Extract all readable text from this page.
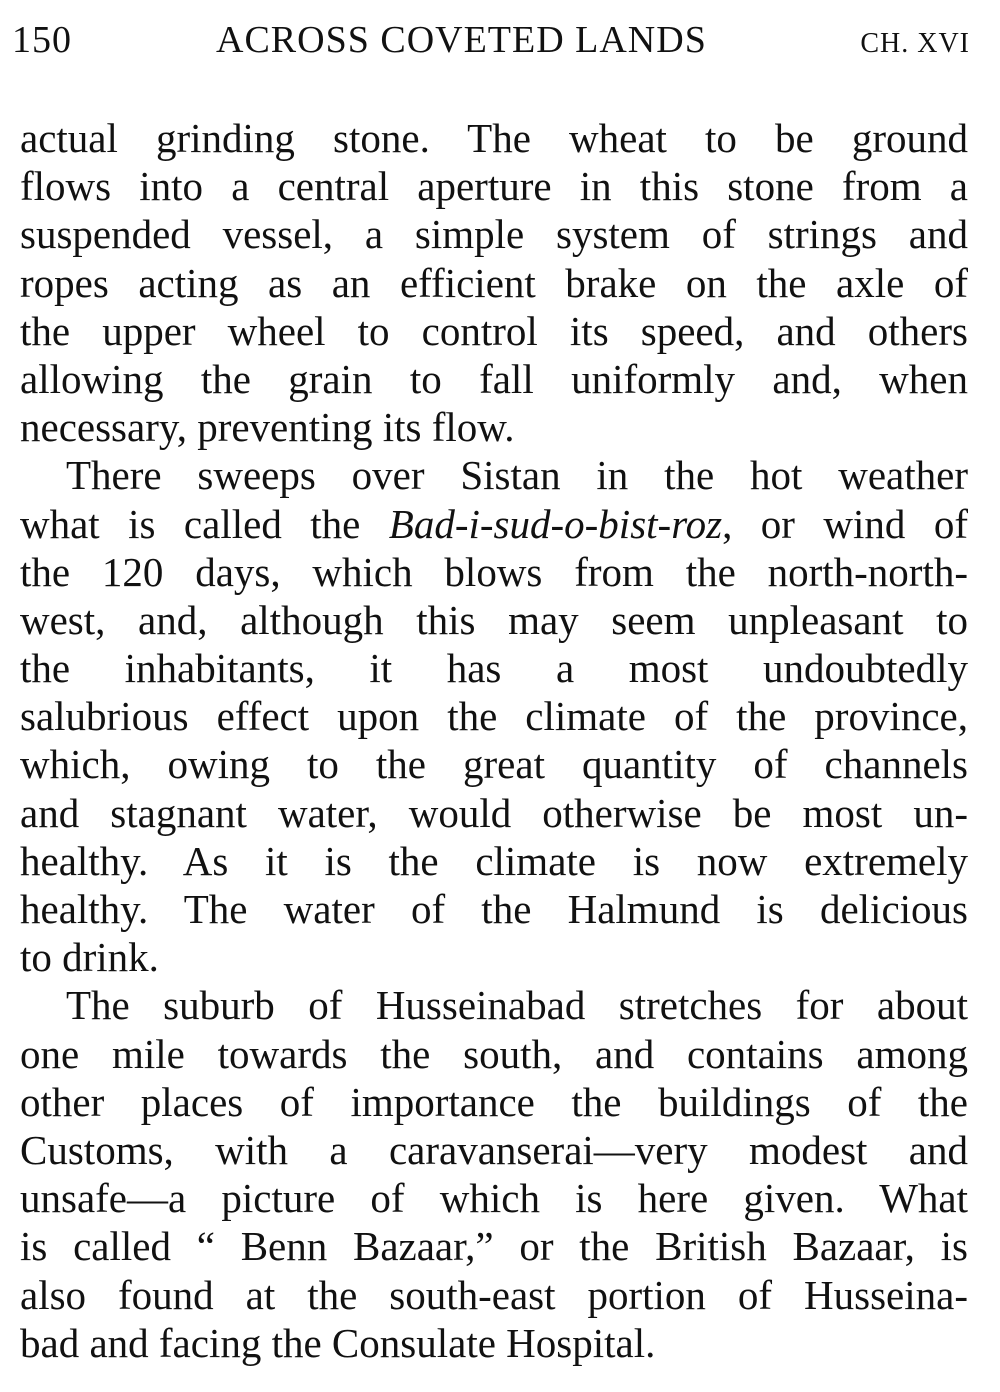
150	ACROSS COVETED LANDS	CH. XVI
actual grinding stone. The wheat to be ground
flows into a central aperture in this stone from a
suspended vessel, a simple system of strings and
ropes acting as an efficient brake on the axle of
the upper wheel to control its speed, and others
allowing the grain to fall uniformly and, when
necessary, preventing its flow.
There sweeps over Sistan in the hot weather
what is called the Bad-i-sud-o-bist-roz, or wind of
the 120 days, which blows from the north-north-
west, and, although this may seem unpleasant to
the inhabitants, it has a most undoubtedly
salubrious effect upon the climate of the province,
which, owing to the great quantity of channels
and stagnant water, would otherwise be most un-
healthy. As it is the climate is now extremely
healthy. The water of the Halmund is delicious
to drink.
The suburb of Husseinabad stretches for about
one mile towards the south, and contains among
other places of importance the buildings of the
Customs, with a caravanserai—very modest and
unsafe—a picture of which is here given. What
is called “ Benn Bazaar,” or the British Bazaar, is
also found at the south-east portion of Husseina-
bad and facing the Consulate Hospital.
